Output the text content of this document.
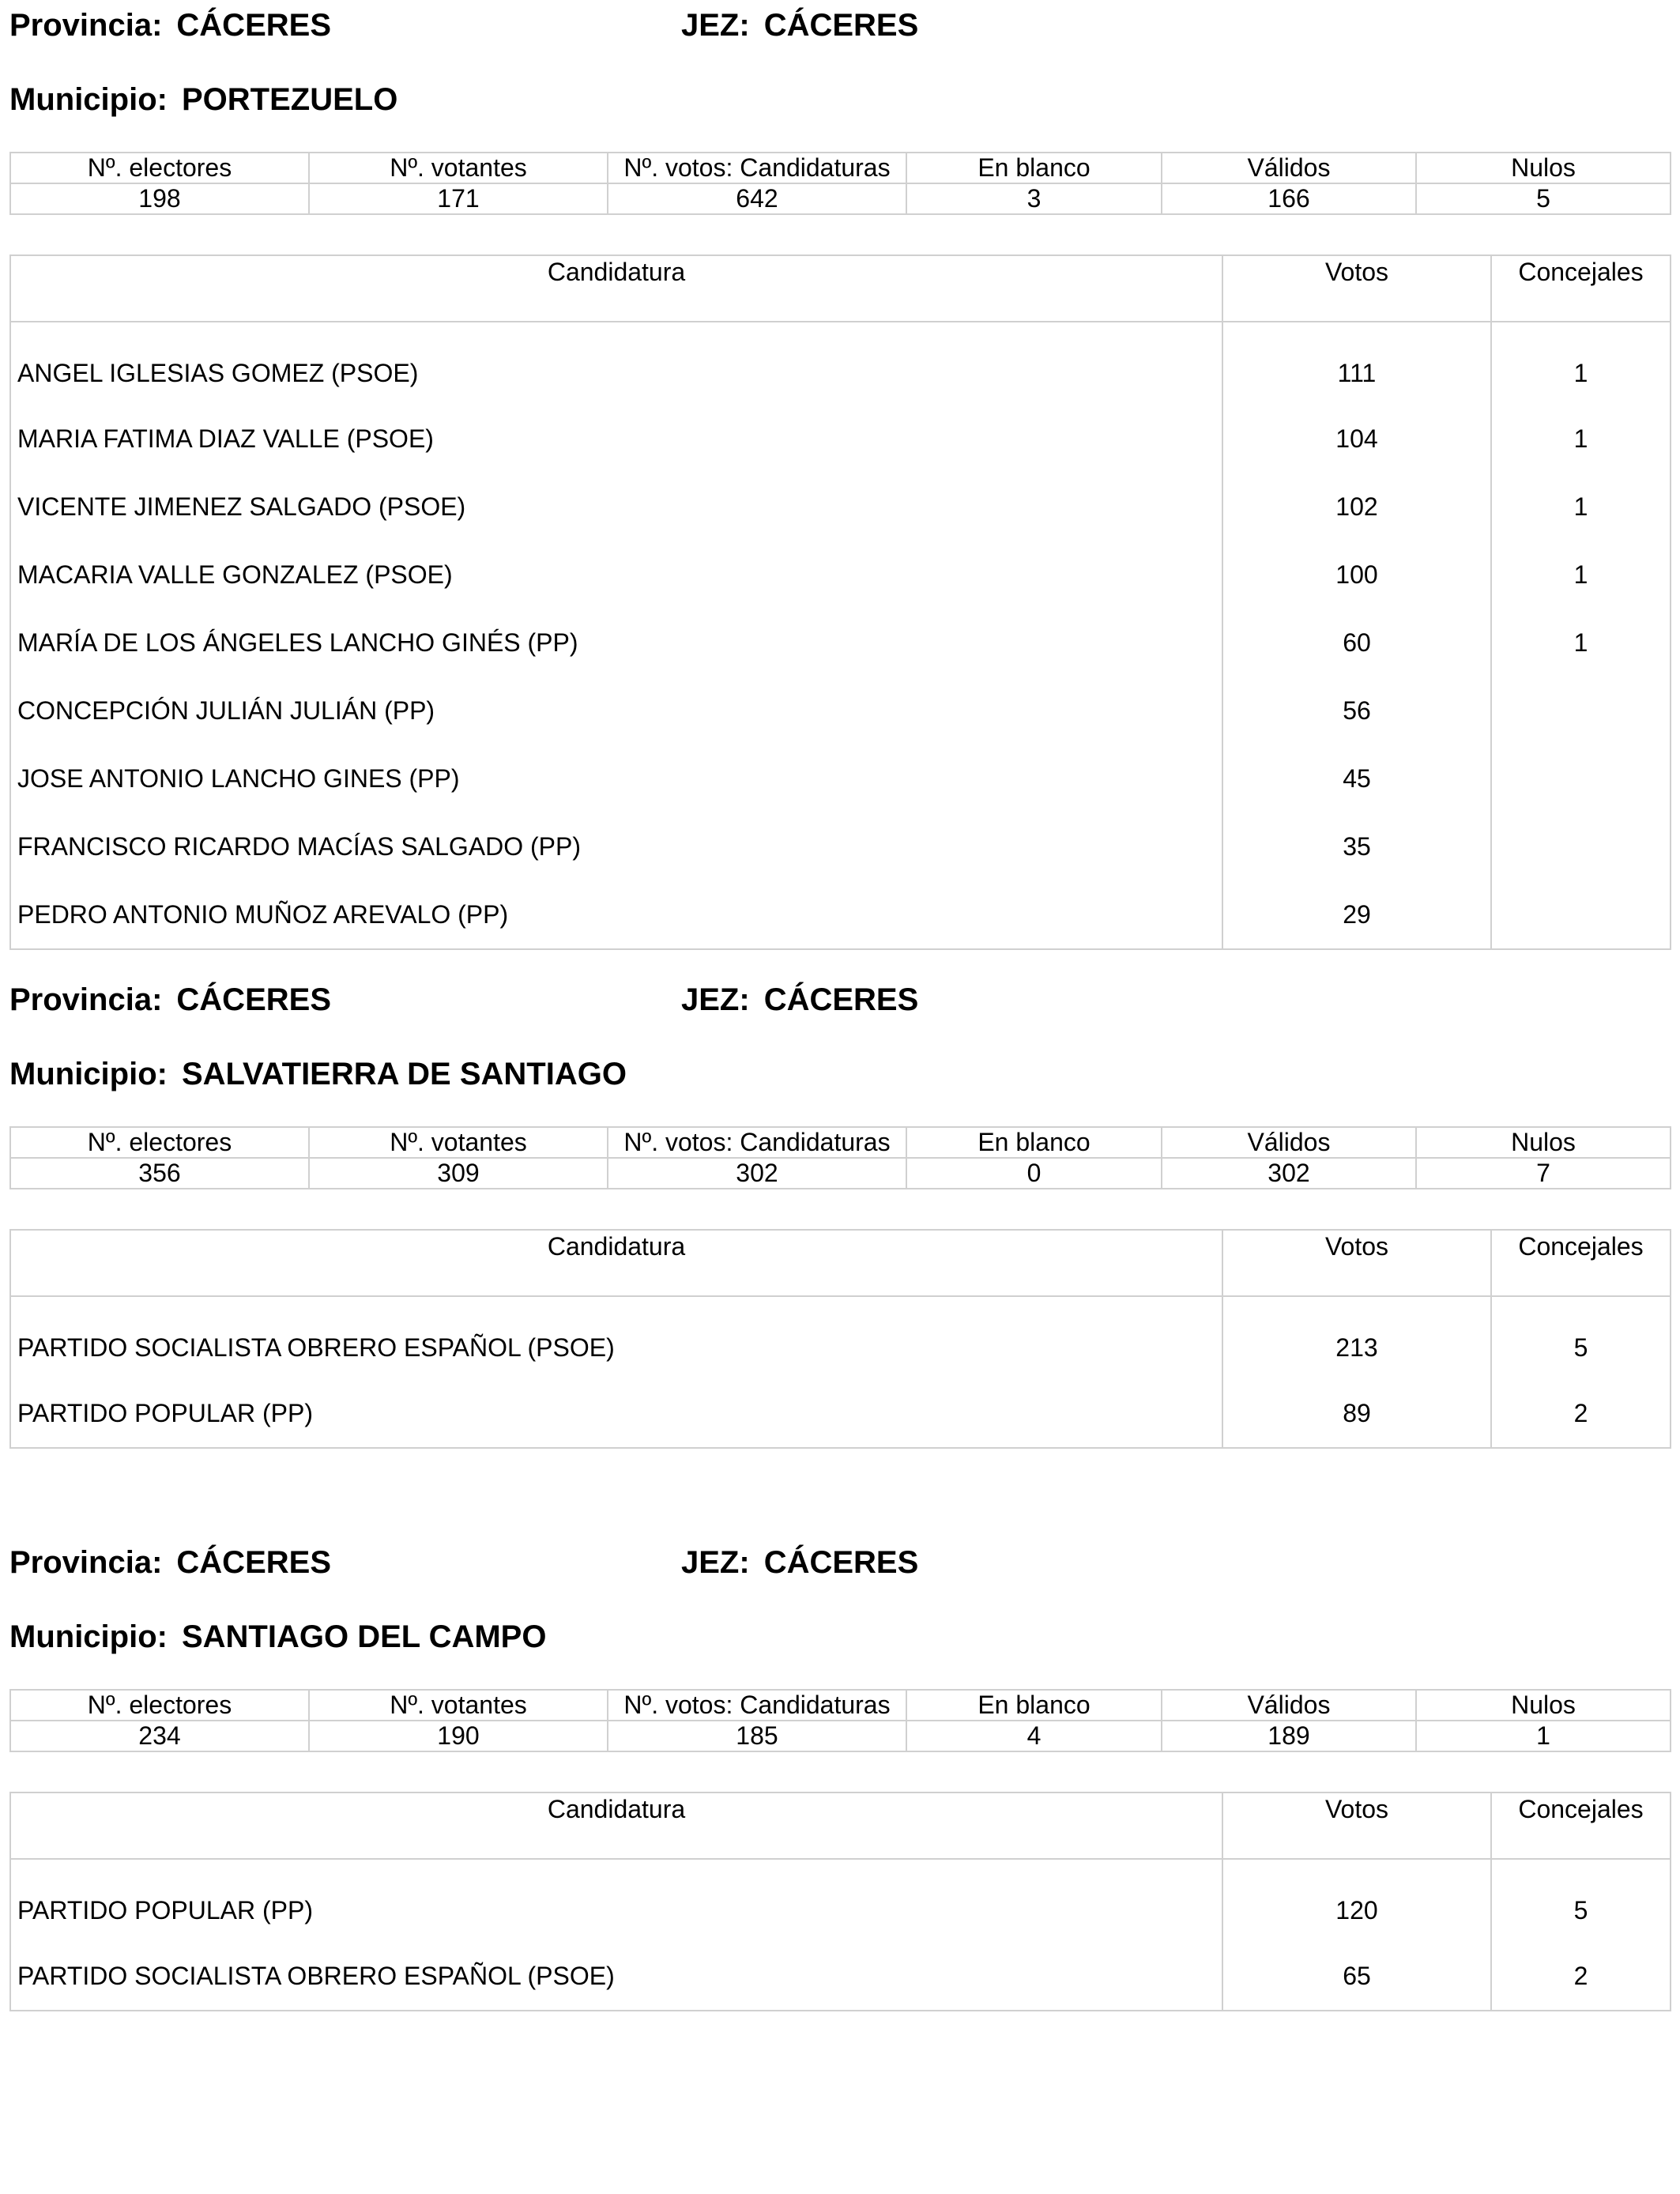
Provincia: CÁCERES	JEZ: CÁCERES
Municipio: PORTEZUELO
Nº. electores	Nº. votantes	Nº. votos: Candidaturas	En blanco	Válidos	Nulos
198	171	642	3	166	5
Candidatura	Votos	Concejales
ANGEL IGLESIAS GOMEZ (PSOE)	111	1
MARIA FATIMA DIAZ VALLE (PSOE)	104	1
VICENTE JIMENEZ SALGADO (PSOE)	102	1
MACARIA VALLE GONZALEZ (PSOE)	100	1
MARÍA DE LOS ÁNGELES LANCHO GINÉS (PP)	60	1
CONCEPCIÓN JULIÁN JULIÁN (PP)	56	
JOSE ANTONIO LANCHO GINES (PP)	45	
FRANCISCO RICARDO MACÍAS SALGADO (PP)	35	
PEDRO ANTONIO MUÑOZ AREVALO (PP)	29	
Provincia: CÁCERES	JEZ: CÁCERES
Municipio: SALVATIERRA DE SANTIAGO
Nº. electores	Nº. votantes	Nº. votos: Candidaturas	En blanco	Válidos	Nulos
356	309	302	0	302	7
Candidatura	Votos	Concejales
PARTIDO SOCIALISTA OBRERO ESPAÑOL (PSOE)	213	5
PARTIDO POPULAR (PP)	89	2
Provincia: CÁCERES	JEZ: CÁCERES
Municipio: SANTIAGO DEL CAMPO
Nº. electores	Nº. votantes	Nº. votos: Candidaturas	En blanco	Válidos	Nulos
234	190	185	4	189	1
Candidatura	Votos	Concejales
PARTIDO POPULAR (PP)	120	5
PARTIDO SOCIALISTA OBRERO ESPAÑOL (PSOE)	65	2
